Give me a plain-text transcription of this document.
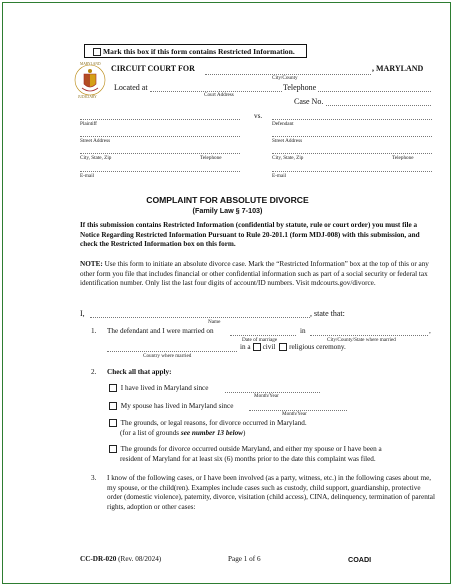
Mark this box if this form contains Restricted Information.
MARYLAND
JUDICIARY
CIRCUIT COURT FOR
City/County
, MARYLAND
Located at
Court Address
Telephone
Case No.
Plaintiff
vs.
Defendant
Street Address	Street Address
City, State, Zip	Telephone	City, State, Zip	Telephone
E-mail	E-mail
COMPLAINT FOR ABSOLUTE DIVORCE
(Family Law § 7-103)
If this submission contains Restricted Information (confidential by statute, rule or court order) you must file a Notice Regarding Restricted Information Pursuant to Rule 20-201.1 (form MDJ-008) with this submission, and check the Restricted Information box on this form.
NOTE: Use this form to initiate an absolute divorce case. Mark the “Restricted Information” box at the top of this or any other form you file that includes financial or other confidential information such as part of a social security or federal tax identification number. Only list the last four digits of account/ID numbers. Visit mdcourts.gov/divorce.
I,
Name
, state that:
1. The defendant and I were married on
Date of marriage
in
City/County/State where married
,
Country where married
in a civil religious ceremony.
2. Check all that apply:
I have lived in Maryland since
Month/Year
My spouse has lived in Maryland since
Month/Year
The grounds, or legal reasons, for divorce occurred in Maryland.
(for a list of grounds see number 13 below)
The grounds for divorce occurred outside Maryland, and either my spouse or I have been a
resident of Maryland for at least six (6) months prior to the date this complaint was filed.
3. I know of the following cases, or I have been involved (as a party, witness, etc.) in the following cases about me, my spouse, or the child(ren). Examples include cases such as custody, child support, guardianship, protective order (domestic violence), paternity, divorce, visitation (child access), CINA, delinquency, termination of parental rights, adoption or other cases:
CC-DR-020 (Rev. 08/2024)	Page 1 of 6	COADI
